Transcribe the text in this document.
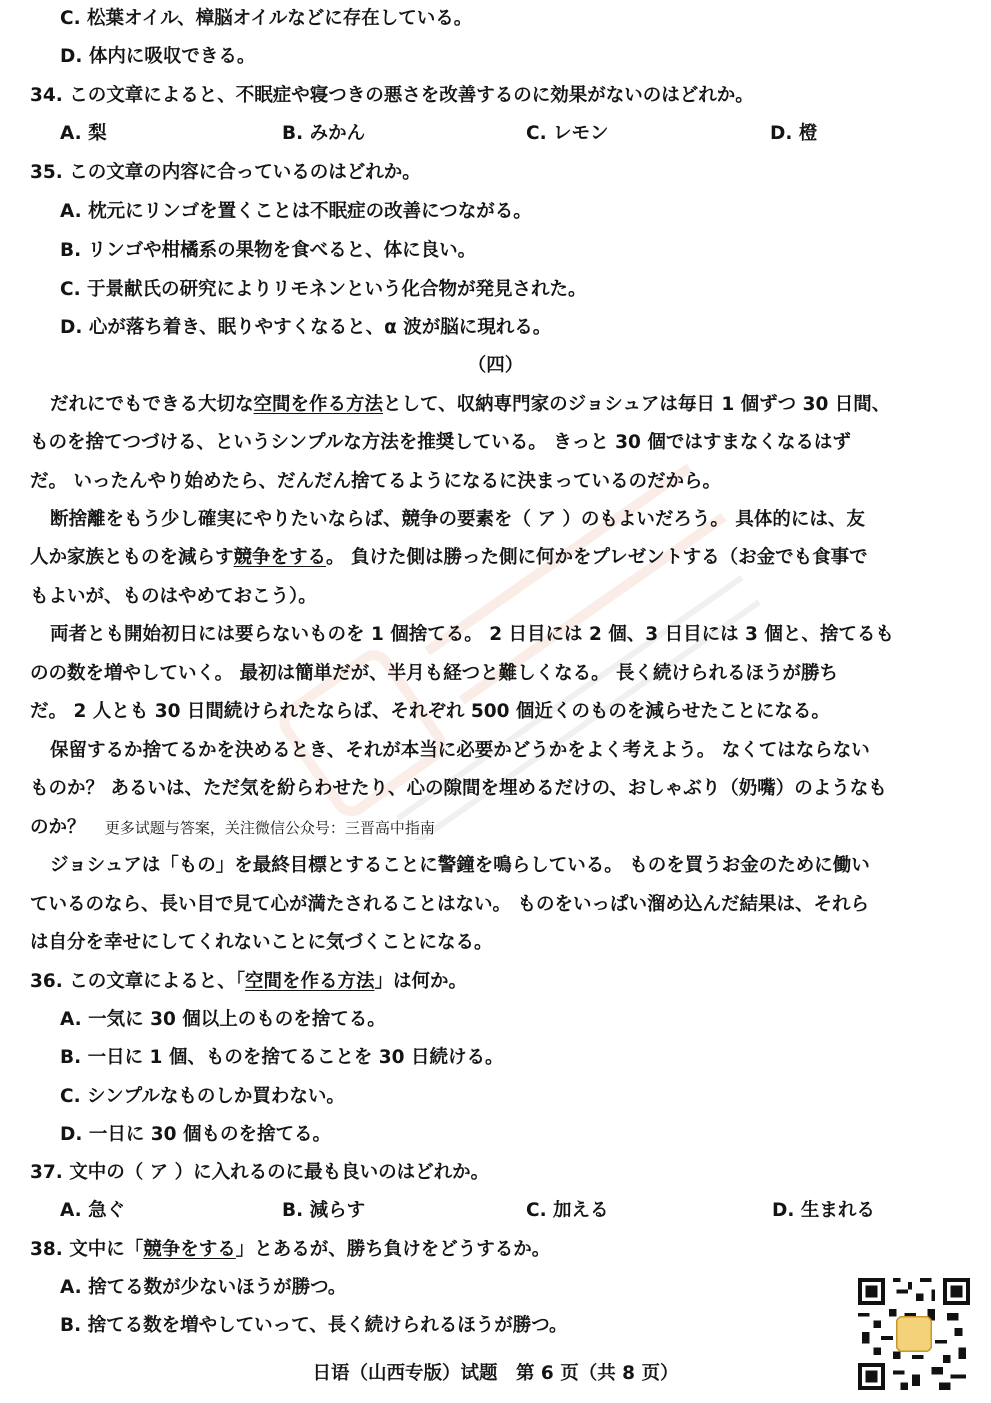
C. 松葉オイル、樟脳オイルなどに存在している。
D. 体内に吸収できる。
34. この文章によると、不眠症や寝つきの悪さを改善するのに効果がないのはどれか。
A. 梨	B. みかん	C. レモン	D. 橙
35. この文章の内容に合っているのはどれか。
A. 枕元にリンゴを置くことは不眠症の改善につながる。
B. リンゴや柑橘系の果物を食べると、体に良い。
C. 于景献氏の研究によりリモネンという化合物が発見された。
D. 心が落ち着き、眠りやすくなると、α 波が脳に現れる。
（四）
だれにでもできる大切な空間を作る方法として、収納専門家のジョシュアは毎日 1 個ずつ 30 日間、
ものを捨てつづける、というシンプルな方法を推奨している。 きっと 30 個ではすまなくなるはず
だ。 いったんやり始めたら、だんだん捨てるようになるに決まっているのだから。
断捨離をもう少し確実にやりたいならば、競争の要素を（ ア ）のもよいだろう。 具体的には、友
人か家族とものを減らす競争をする。 負けた側は勝った側に何かをプレゼントする（お金でも食事で
もよいが、ものはやめておこう）。
両者とも開始初日には要らないものを 1 個捨てる。 2 日目には 2 個、3 日目には 3 個と、捨てるも
のの数を増やしていく。 最初は簡単だが、半月も経つと難しくなる。 長く続けられるほうが勝ち
だ。 2 人とも 30 日間続けられたならば、それぞれ 500 個近くのものを減らせたことになる。
保留するか捨てるかを決めるとき、それが本当に必要かどうかをよく考えよう。 なくてはならない
ものか？ あるいは、ただ気を紛らわせたり、心の隙間を埋めるだけの、おしゃぶり（奶嘴）のようなも
のか？ 更多试题与答案，关注微信公众号：三晋高中指南
ジョシュアは「もの」を最終目標とすることに警鐘を鳴らしている。 ものを買うお金のために働い
ているのなら、長い目で見て心が満たされることはない。 ものをいっぱい溜め込んだ結果は、それら
は自分を幸せにしてくれないことに気づくことになる。
36. この文章によると、「空間を作る方法」は何か。
A. 一気に 30 個以上のものを捨てる。
B. 一日に 1 個、ものを捨てることを 30 日続ける。
C. シンプルなものしか買わない。
D. 一日に 30 個ものを捨てる。
37. 文中の（ ア ）に入れるのに最も良いのはどれか。
A. 急ぐ	B. 減らす	C. 加える	D. 生まれる
38. 文中に「競争をする」とあるが、勝ち負けをどうするか。
A. 捨てる数が少ないほうが勝つ。
B. 捨てる数を増やしていって、長く続けられるほうが勝つ。
日语（山西专版）试题　第 6 页（共 8 页）
